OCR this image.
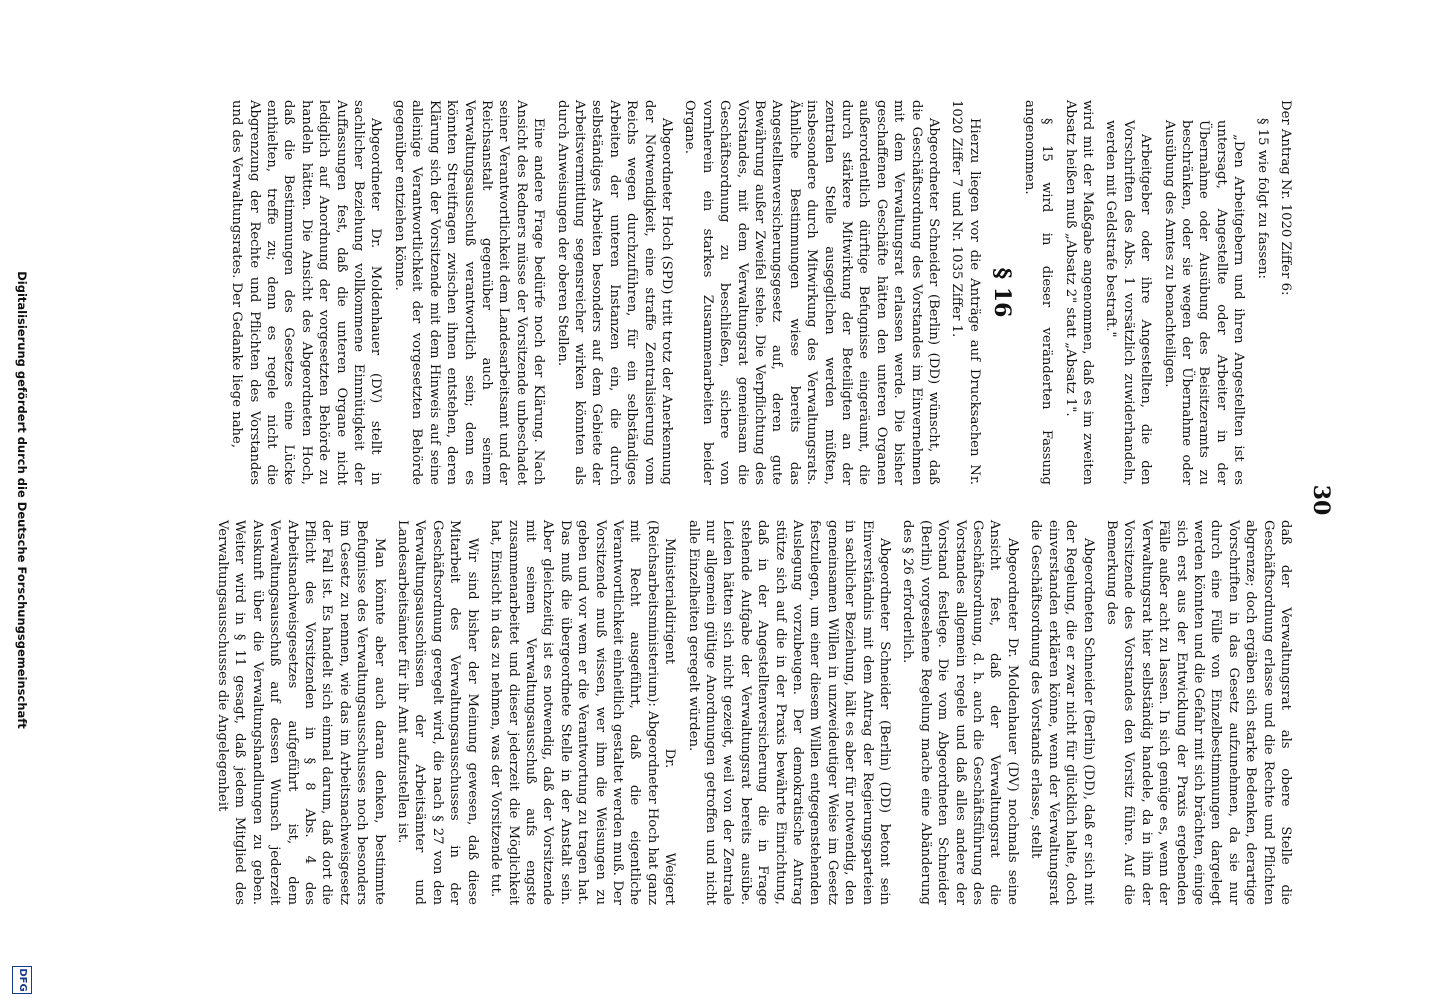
30

Der Antrag Nr. 1020 Ziffer 6:

§ 15 wie folgt zu fassen:

„Den Arbeitgebern und ihren Angestellten ist es untersagt, Angestellte oder Arbeiter in der Übernahme oder Ausübung des Beisitzeramts zu beschränken, oder sie wegen der Übernahme oder Ausübung des Amtes zu benachteiligen.

Arbeitgeber oder ihre Angestellten, die den Vorschriften des Abs. 1 vorsätzlich zuwiderhandeln, werden mit Geldstrafe bestraft."

wird mit der Maßgabe angenommen, daß es im zweiten Absatz heißen muß „Absatz 2" statt „Absatz 1".

§ 15 wird in dieser veränderten Fassung angenommen.

§ 16

Hierzu liegen vor die Anträge auf Drucksachen Nr. 1020 Ziffer 7 und Nr. 1035 Ziffer 1.

Abgeordneter Schneider (Berlin) (DD) wünscht, daß die Geschäftsordnung des Vorstandes im Einvernehmen mit dem Verwaltungsrat erlassen werde. Die bisher geschaffenen Geschäfte hätten den unteren Organen außerordentlich dürftige Befugnisse eingeräumt, die durch stärkere Mitwirkung der Beteiligten an der zentralen Stelle ausgeglichen werden müßten, insbesondere durch Mitwirkung des Verwaltungsrats. Ähnliche Bestimmungen wiese bereits das Angestelltenversicherungsgesetz auf, deren gute Bewährung außer Zweifel stehe. Die Verpflichtung des Vorstandes, mit dem Verwaltungsrat gemeinsam die Geschäftsordnung zu beschließen, sichere von vornherein ein starkes Zusammenarbeiten beider Organe.

Abgeordneter Hoch (SPD) tritt trotz der Anerkennung der Notwendigkeit, eine straffe Zentralisierung vom Reichs wegen durchzuführen, für ein selbständiges Arbeiten der unteren Instanzen ein, die durch selbständiges Arbeiten besonders auf dem Gebiete der Arbeitsvermittlung segensreicher wirken könnten als durch Anweisungen der oberen Stellen.

Eine andere Frage bedürfe noch der Klärung. Nach Ansicht des Redners müsse der Vorsitzende unbeschadet seiner Verantwortlichkeit dem Landesarbeitsamt und der Reichsanstalt gegenüber auch seinem Verwaltungsausschuß verantwortlich sein; denn es könnten Streitfragen zwischen ihnen entstehen, deren Klärung sich der Vorsitzende mit dem Hinweis auf seine alleinige Verantwortlichkeit der vorgesetzten Behörde gegenüber entziehen könne.

Abgeordneter Dr. Moldenhauer (DV) stellt in sachlicher Beziehung vollkommene Einmütigkeit der Auffassungen fest, daß die unteren Organe nicht lediglich auf Anordnung der vorgesetzten Behörde zu handeln hätten. Die Ansicht des Abgeordneten Hoch, daß die Bestimmungen des Gesetzes eine Lücke enthielten, treffe zu; denn es regele nicht die Abgrenzung der Rechte und Pflichten des Vorstandes und des Verwaltungsrates. Der Gedanke liege nahe,

daß der Verwaltungsrat als obere Stelle die Geschäftsordnung erlasse und die Rechte und Pflichten abgrenze; doch ergäben sich starke Bedenken, derartige Vorschriften in das Gesetz aufzunehmen, da sie nur durch eine Fülle von Einzelbestimmungen dargelegt werden könnten und die Gefahr mit sich brächten, einige sich erst aus der Entwicklung der Praxis ergebenden Fälle außer acht zu lassen. In sich genüge es, wenn der Verwaltungsrat hier selbständig handele, da in ihm der Vorsitzende des Vorstandes den Vorsitz führe. Auf die Bemerkung des

Abgeordneten Schneider (Berlin) (DD), daß er sich mit der Regelung, die er zwar nicht für glücklich halte, doch einverstanden erklären könne, wenn der Verwaltungsrat die Geschäftsordnung des Vorstands erlasse, stellt

Abgeordneter Dr. Moldenhauer (DV) nochmals seine Ansicht fest, daß der Verwaltungsrat die Geschäftsordnung, d. h. auch die Geschäftsführung des Vorstandes allgemein regele und daß alles andere der Vorstand festlege. Die vom Abgeordneten Schneider (Berlin) vorgesehene Regelung mache eine Abänderung des § 26 erforderlich.

Abgeordneter Schneider (Berlin) (DD) betont sein Einverständnis mit dem Antrag der Regierungsparteien in sachlicher Beziehung, hält es aber für notwendig, den gemeinsamen Willen in unzweideutiger Weise im Gesetz festzulegen, um einer diesem Willen entgegenstehenden Auslegung vorzubeugen. Der demokratische Antrag stütze sich auf die in der Praxis bewährte Einrichtung, daß in der Angestelltenversicherung die in Frage stehende Aufgabe der Verwaltungsrat bereits ausübe. Leiden hätten sich nicht gezeigt, weil von der Zentrale nur allgemein gültige Anordnungen getroffen und nicht alle Einzelheiten geregelt würden.

Ministerialdirigent Dr. Weigert (Reichsarbeitsministerium): Abgeordneter Hoch hat ganz mit Recht ausgeführt, daß die eigentliche Verantwortlichkeit einheitlich gestaltet werden muß. Der Vorsitzende muß wissen, wer ihm die Weisungen zu geben und vor wem er die Verantwortung zu tragen hat. Das muß die übergeordnete Stelle in der Anstalt sein. Aber gleichzeitig ist es notwendig, daß der Vorsitzende mit seinem Verwaltungsausschuß aufs engste zusammenarbeitet und dieser jederzeit die Möglichkeit hat, Einsicht in das zu nehmen, was der Vorsitzende tut.

Wir sind bisher der Meinung gewesen, daß diese Mitarbeit des Verwaltungsausschusses in der Geschäftsordnung geregelt wird, die nach § 27 von den Verwaltungsausschüssen der Arbeitsämter und Landesarbeitsämter für ihr Amt aufzustellen ist.

Man könnte aber auch daran denken, bestimmte Befugnisse des Verwaltungsausschusses noch besonders im Gesetz zu nennen, wie das im Arbeitsnachweisgesetz der Fall ist. Es handelt sich einmal darum, daß dort die Pflicht des Vorsitzenden in § 8 Abs. 4 des Arbeitsnachweisgesetzes aufgeführt ist, dem Verwaltungsausschuß auf dessen Wunsch jederzeit Auskunft über die Verwaltungshandlungen zu geben. Weiter wird in § 11 gesagt, daß jedem Mitglied des Verwaltungsausschusses die Angelegenheit

Digitalisierung gefördert durch die Deutsche Forschungsgemeinschaft
DFG
